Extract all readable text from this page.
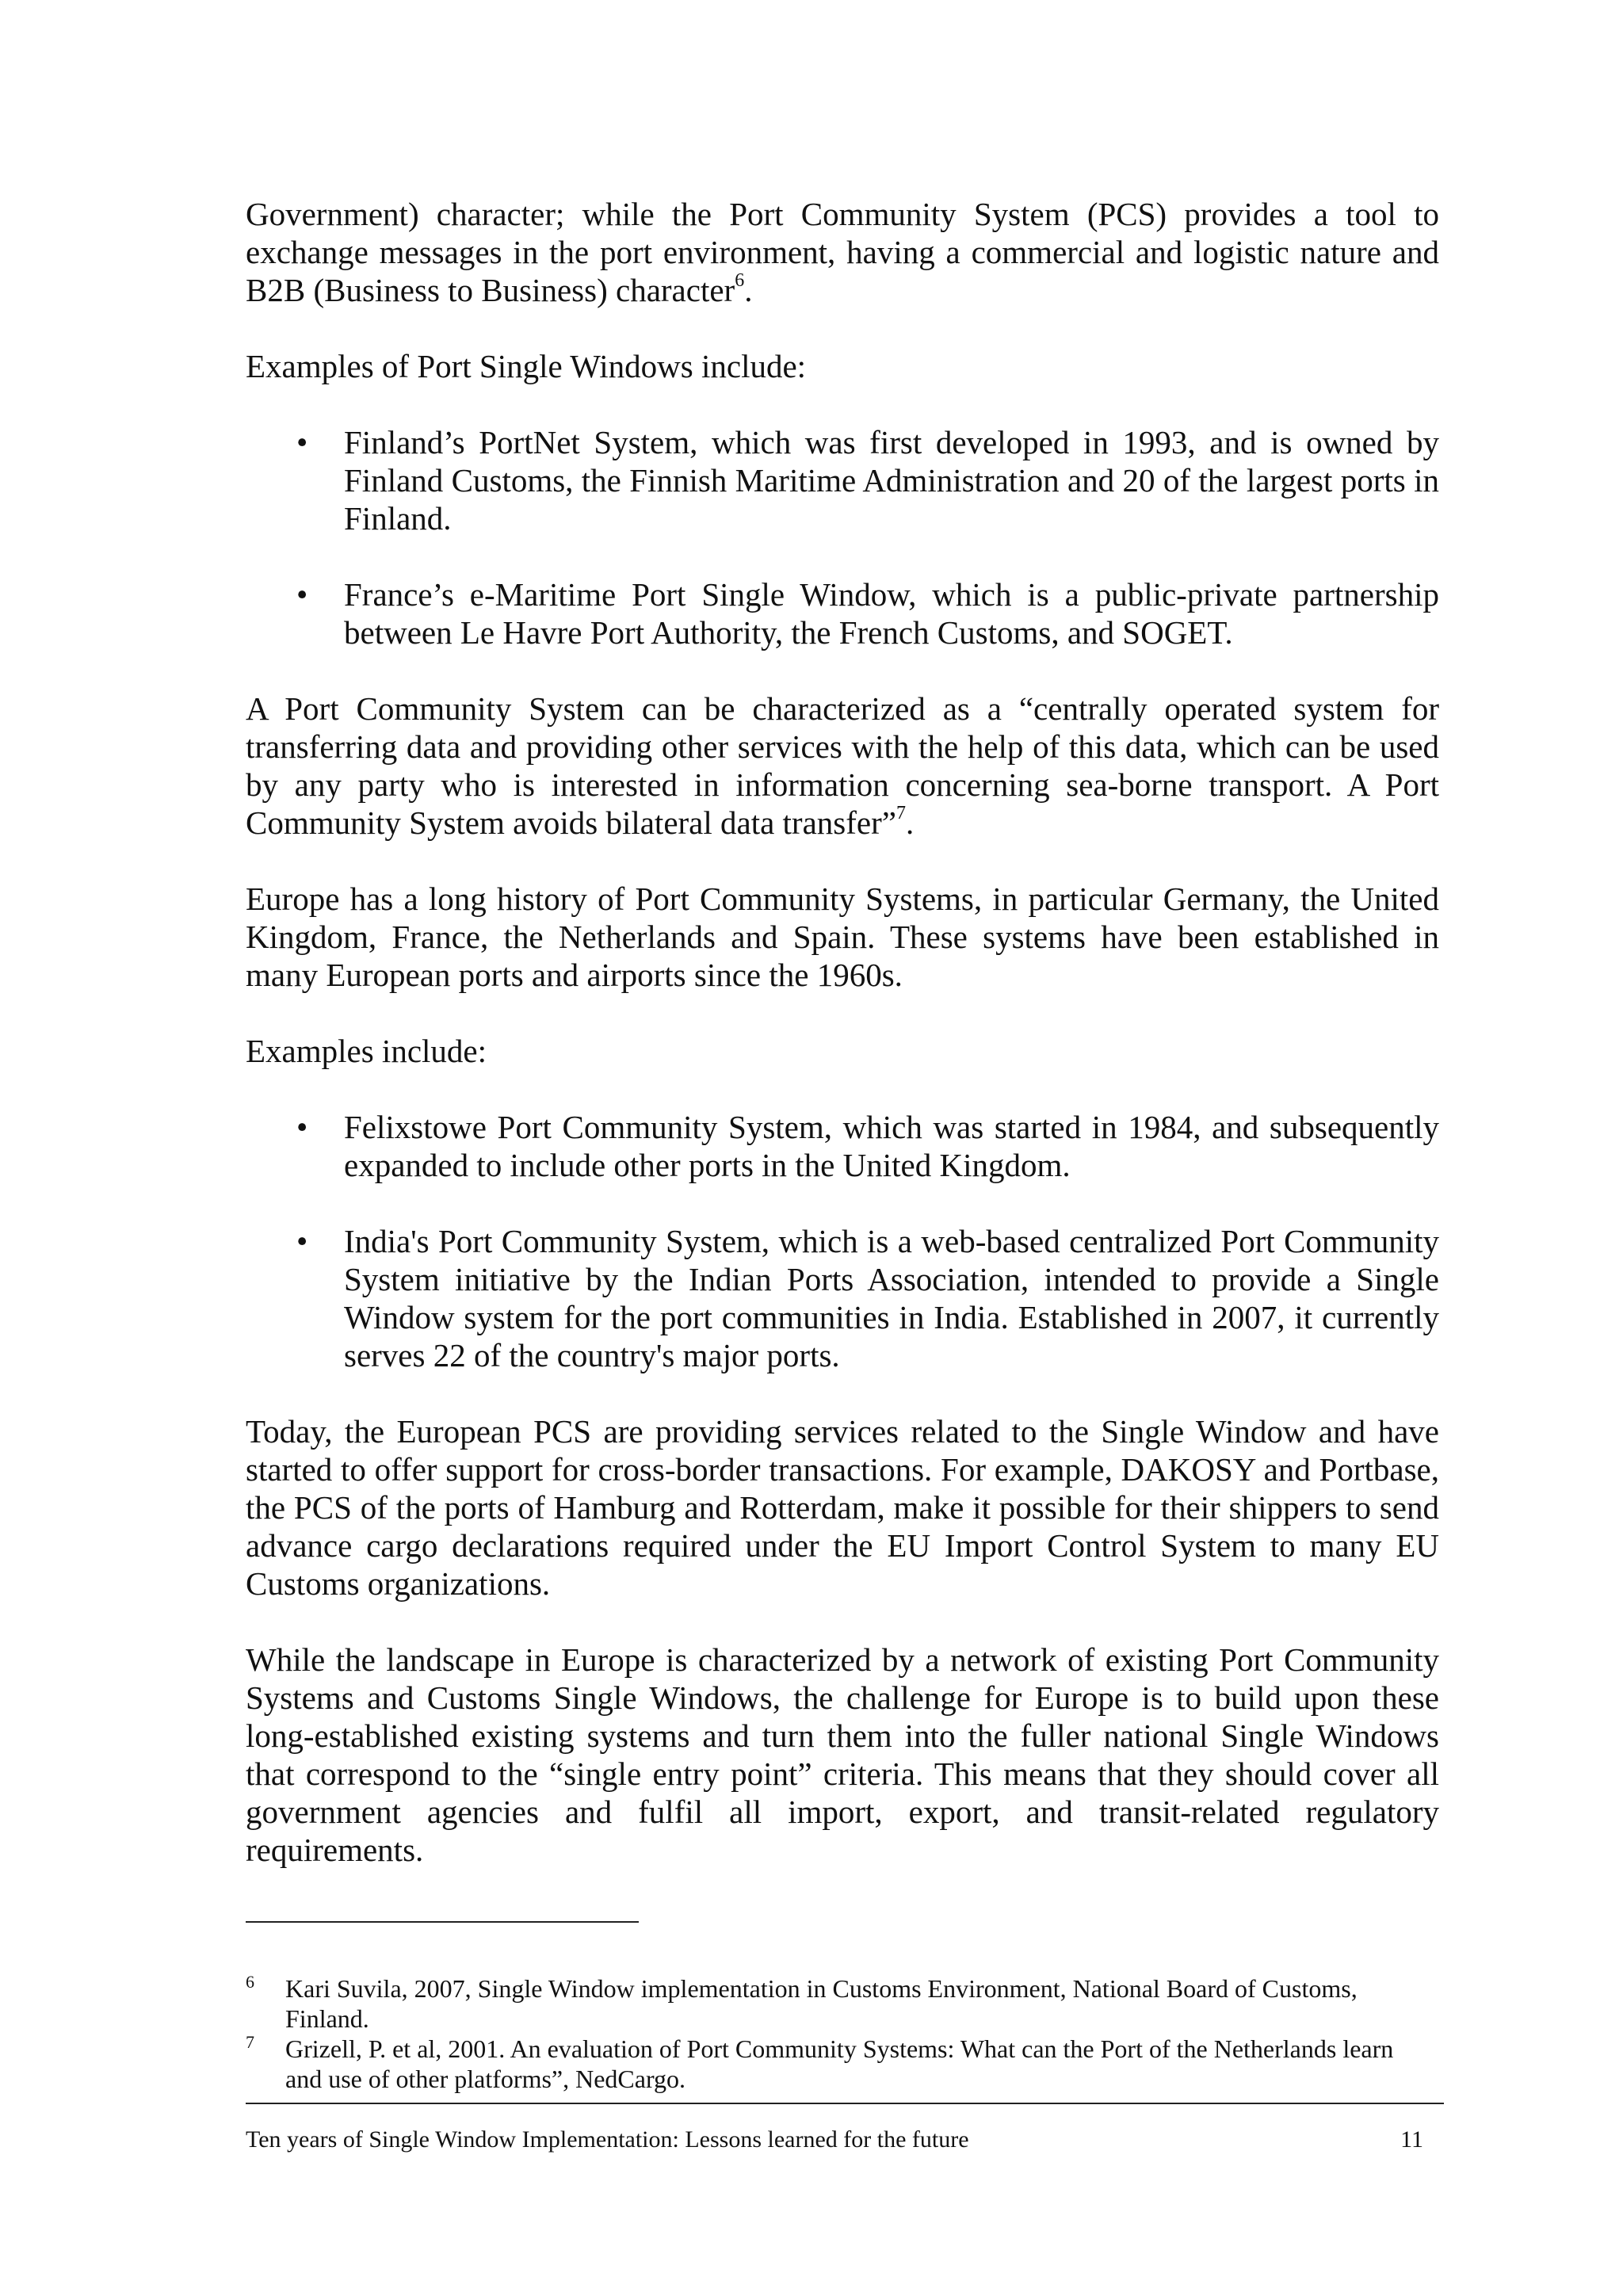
Government) character; while the Port Community System (PCS) provides a tool to exchange messages in the port environment, having a commercial and logistic nature and B2B (Business to Business) character$^6$.

Examples of Port Single Windows include:

• Finland’s PortNet System, which was first developed in 1993, and is owned by Finland Customs, the Finnish Maritime Administration and 20 of the largest ports in Finland.
• France’s e-Maritime Port Single Window, which is a public-private partnership between Le Havre Port Authority, the French Customs, and SOGET.

A Port Community System can be characterized as a “centrally operated system for transferring data and providing other services with the help of this data, which can be used by any party who is interested in information concerning sea-borne transport. A Port Community System avoids bilateral data transfer”$^7$.

Europe has a long history of Port Community Systems, in particular Germany, the United Kingdom, France, the Netherlands and Spain. These systems have been established in many European ports and airports since the 1960s.

Examples include:

• Felixstowe Port Community System, which was started in 1984, and subsequently expanded to include other ports in the United Kingdom.
• India's Port Community System, which is a web-based centralized Port Community System initiative by the Indian Ports Association, intended to provide a Single Window system for the port communities in India. Established in 2007, it currently serves 22 of the country's major ports.

Today, the European PCS are providing services related to the Single Window and have started to offer support for cross-border transactions. For example, DAKOSY and Portbase, the PCS of the ports of Hamburg and Rotterdam, make it possible for their shippers to send advance cargo declarations required under the EU Import Control System to many EU Customs organizations.

While the landscape in Europe is characterized by a network of existing Port Community Systems and Customs Single Windows, the challenge for Europe is to build upon these long-established existing systems and turn them into the fuller national Single Windows that correspond to the “single entry point” criteria. This means that they should cover all government agencies and fulfil all import, export, and transit-related regulatory requirements.

6 Kari Suvila, 2007, Single Window implementation in Customs Environment, National Board of Customs, Finland.
7 Grizell, P. et al, 2001. An evaluation of Port Community Systems: What can the Port of the Netherlands learn and use of other platforms”, NedCargo.
Ten years of Single Window Implementation: Lessons learned for the future	11
